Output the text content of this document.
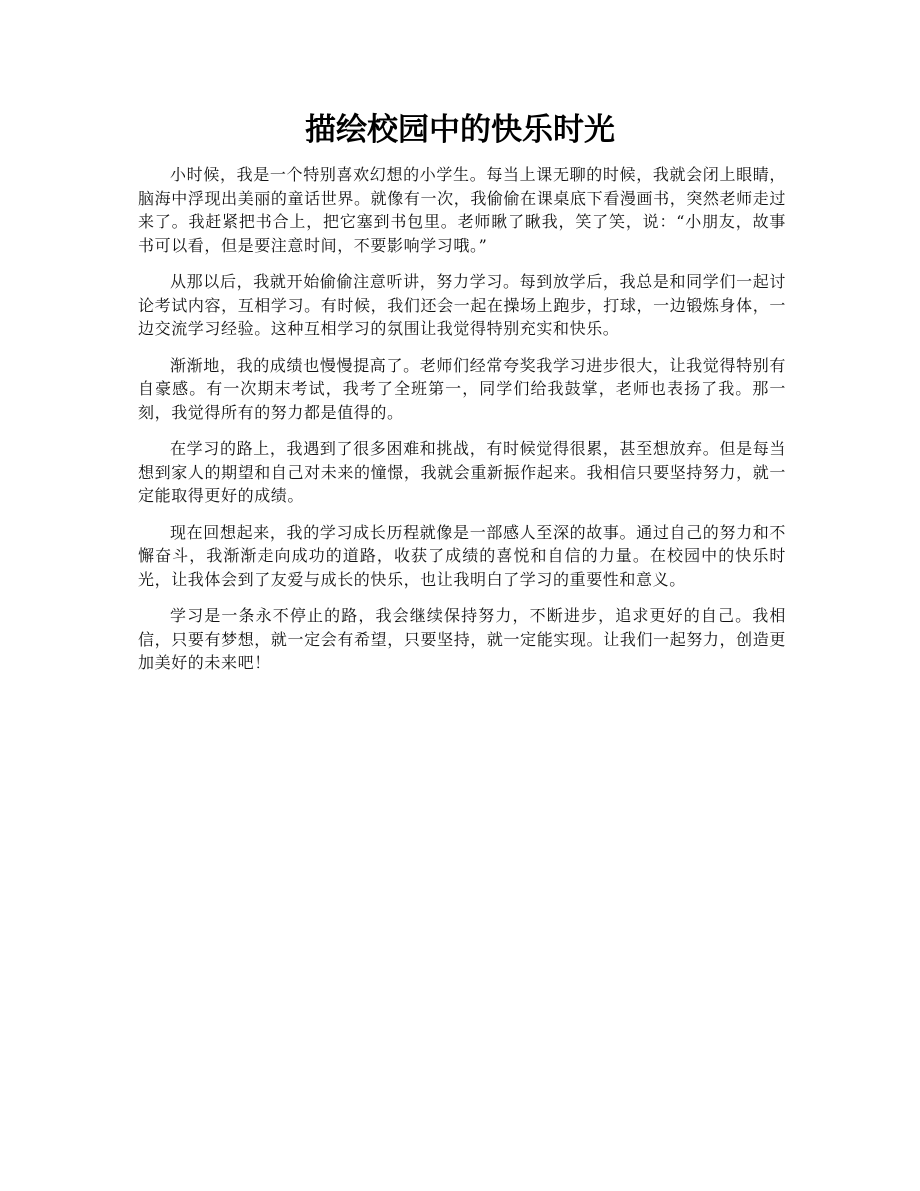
描绘校园中的快乐时光

小时候，我是一个特别喜欢幻想的小学生。每当上课无聊的时候，我就会闭上眼睛，脑海中浮现出美丽的童话世界。就像有一次，我偷偷在课桌底下看漫画书，突然老师走过来了。我赶紧把书合上，把它塞到书包里。老师瞅了瞅我，笑了笑，说：“小朋友，故事书可以看，但是要注意时间，不要影响学习哦。”

从那以后，我就开始偷偷注意听讲，努力学习。每到放学后，我总是和同学们一起讨论考试内容，互相学习。有时候，我们还会一起在操场上跑步，打球，一边锻炼身体，一边交流学习经验。这种互相学习的氛围让我觉得特别充实和快乐。

渐渐地，我的成绩也慢慢提高了。老师们经常夸奖我学习进步很大，让我觉得特别有自豪感。有一次期末考试，我考了全班第一，同学们给我鼓掌，老师也表扬了我。那一刻，我觉得所有的努力都是值得的。

在学习的路上，我遇到了很多困难和挑战，有时候觉得很累，甚至想放弃。但是每当想到家人的期望和自己对未来的憧憬，我就会重新振作起来。我相信只要坚持努力，就一定能取得更好的成绩。

现在回想起来，我的学习成长历程就像是一部感人至深的故事。通过自己的努力和不懈奋斗，我渐渐走向成功的道路，收获了成绩的喜悦和自信的力量。在校园中的快乐时光，让我体会到了友爱与成长的快乐，也让我明白了学习的重要性和意义。

学习是一条永不停止的路，我会继续保持努力，不断进步，追求更好的自己。我相信，只要有梦想，就一定会有希望，只要坚持，就一定能实现。让我们一起努力，创造更加美好的未来吧！
